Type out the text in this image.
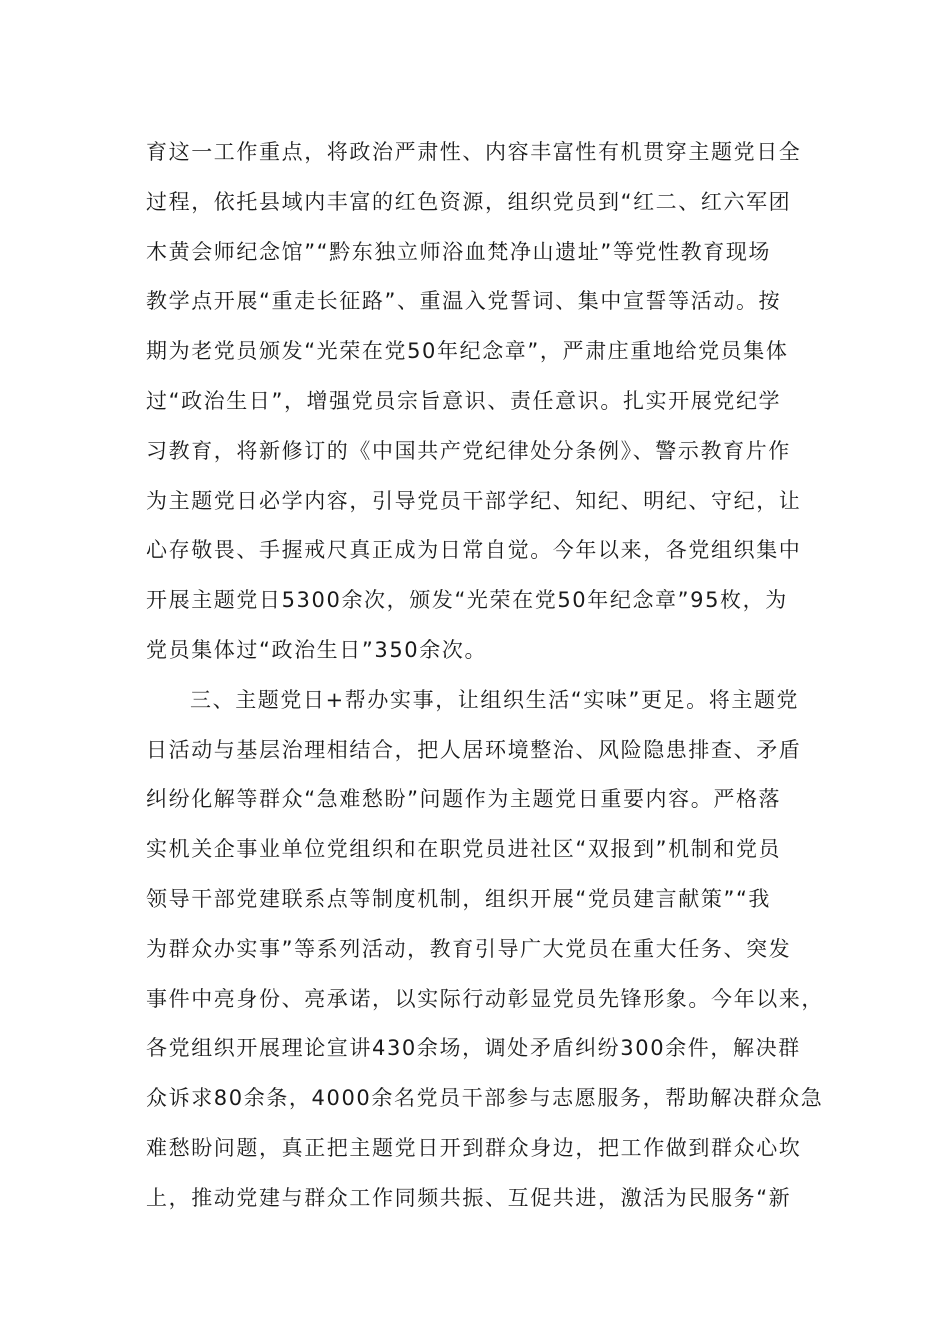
育这一工作重点，将政治严肃性、内容丰富性有机贯穿主题党日全
过程，依托县域内丰富的红色资源，组织党员到“红二、红六军团
木黄会师纪念馆”“黔东独立师浴血梵净山遗址”等党性教育现场
教学点开展“重走长征路”、重温入党誓词、集中宣誓等活动。按
期为老党员颁发“光荣在党50年纪念章”，严肃庄重地给党员集体
过“政治生日”，增强党员宗旨意识、责任意识。扎实开展党纪学
习教育，将新修订的《中国共产党纪律处分条例》、警示教育片作
为主题党日必学内容，引导党员干部学纪、知纪、明纪、守纪，让
心存敬畏、手握戒尺真正成为日常自觉。今年以来，各党组织集中
开展主题党日5300余次，颁发“光荣在党50年纪念章”95枚，为
党员集体过“政治生日”350余次。
三、主题党日+帮办实事，让组织生活“实味”更足。将主题党
日活动与基层治理相结合，把人居环境整治、风险隐患排查、矛盾
纠纷化解等群众“急难愁盼”问题作为主题党日重要内容。严格落
实机关企事业单位党组织和在职党员进社区“双报到”机制和党员
领导干部党建联系点等制度机制，组织开展“党员建言献策”“我
为群众办实事”等系列活动，教育引导广大党员在重大任务、突发
事件中亮身份、亮承诺，以实际行动彰显党员先锋形象。今年以来，
各党组织开展理论宣讲430余场，调处矛盾纠纷300余件，解决群
众诉求80余条，4000余名党员干部参与志愿服务，帮助解决群众急
难愁盼问题，真正把主题党日开到群众身边，把工作做到群众心坎
上，推动党建与群众工作同频共振、互促共进，激活为民服务“新
